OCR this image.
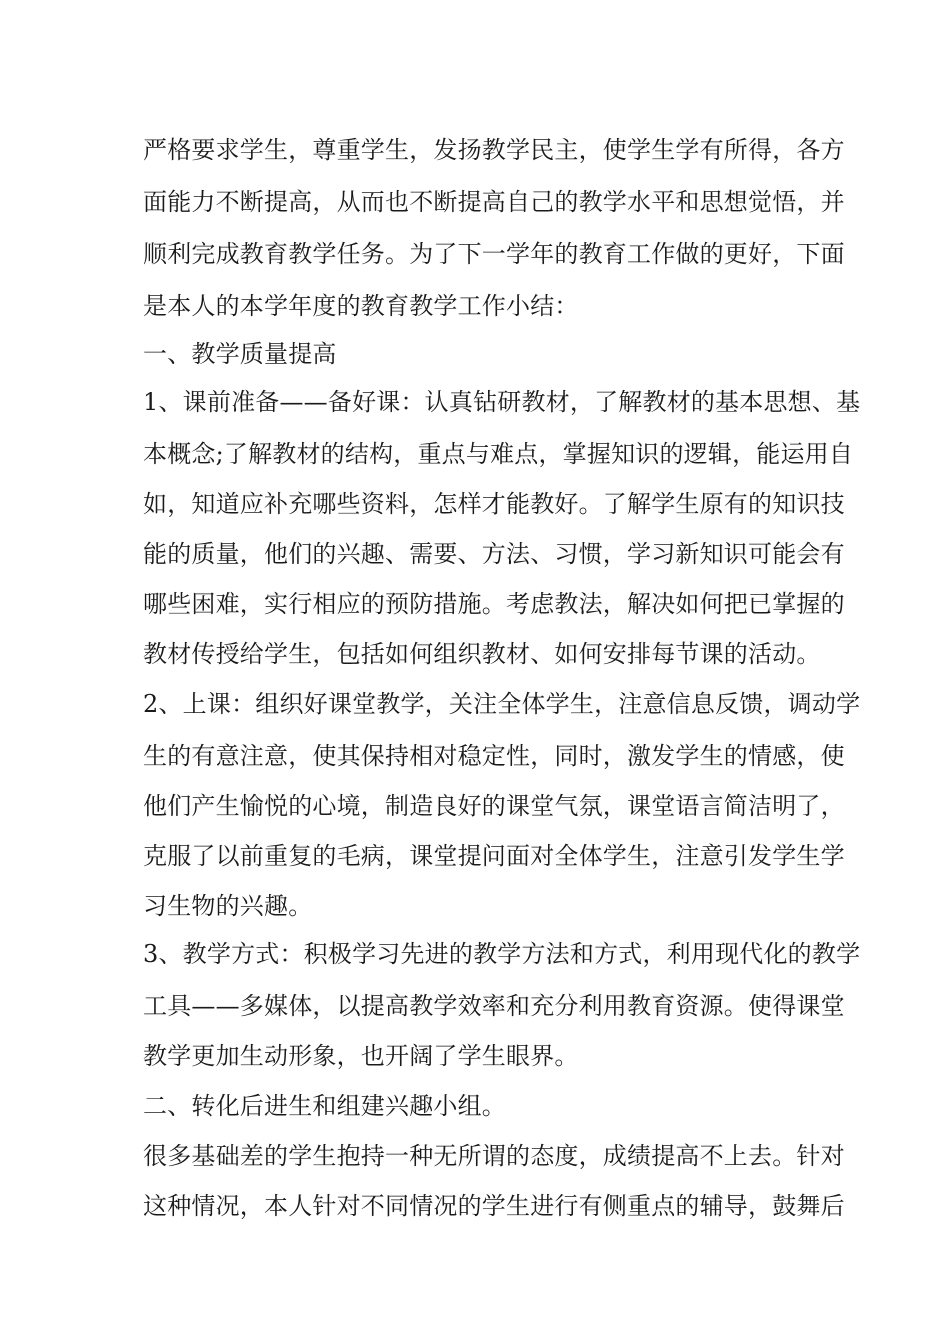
严格要求学生，尊重学生，发扬教学民主，使学生学有所得，各方
面能力不断提高，从而也不断提高自己的教学水平和思想觉悟，并
顺利完成教育教学任务。为了下一学年的教育工作做的更好，下面
是本人的本学年度的教育教学工作小结：
一、教学质量提高
1、课前准备——备好课：认真钻研教材，了解教材的基本思想、基
本概念;了解教材的结构，重点与难点，掌握知识的逻辑，能运用自
如，知道应补充哪些资料，怎样才能教好。了解学生原有的知识技
能的质量，他们的兴趣、需要、方法、习惯，学习新知识可能会有
哪些困难，实行相应的预防措施。考虑教法，解决如何把已掌握的
教材传授给学生，包括如何组织教材、如何安排每节课的活动。
2、上课：组织好课堂教学，关注全体学生，注意信息反馈，调动学
生的有意注意，使其保持相对稳定性，同时，激发学生的情感，使
他们产生愉悦的心境，制造良好的课堂气氛，课堂语言简洁明了，
克服了以前重复的毛病，课堂提问面对全体学生，注意引发学生学
习生物的兴趣。
3、教学方式：积极学习先进的教学方法和方式，利用现代化的教学
工具——多媒体，以提高教学效率和充分利用教育资源。使得课堂
教学更加生动形象，也开阔了学生眼界。
二、转化后进生和组建兴趣小组。
很多基础差的学生抱持一种无所谓的态度，成绩提高不上去。针对
这种情况，本人针对不同情况的学生进行有侧重点的辅导，鼓舞后
